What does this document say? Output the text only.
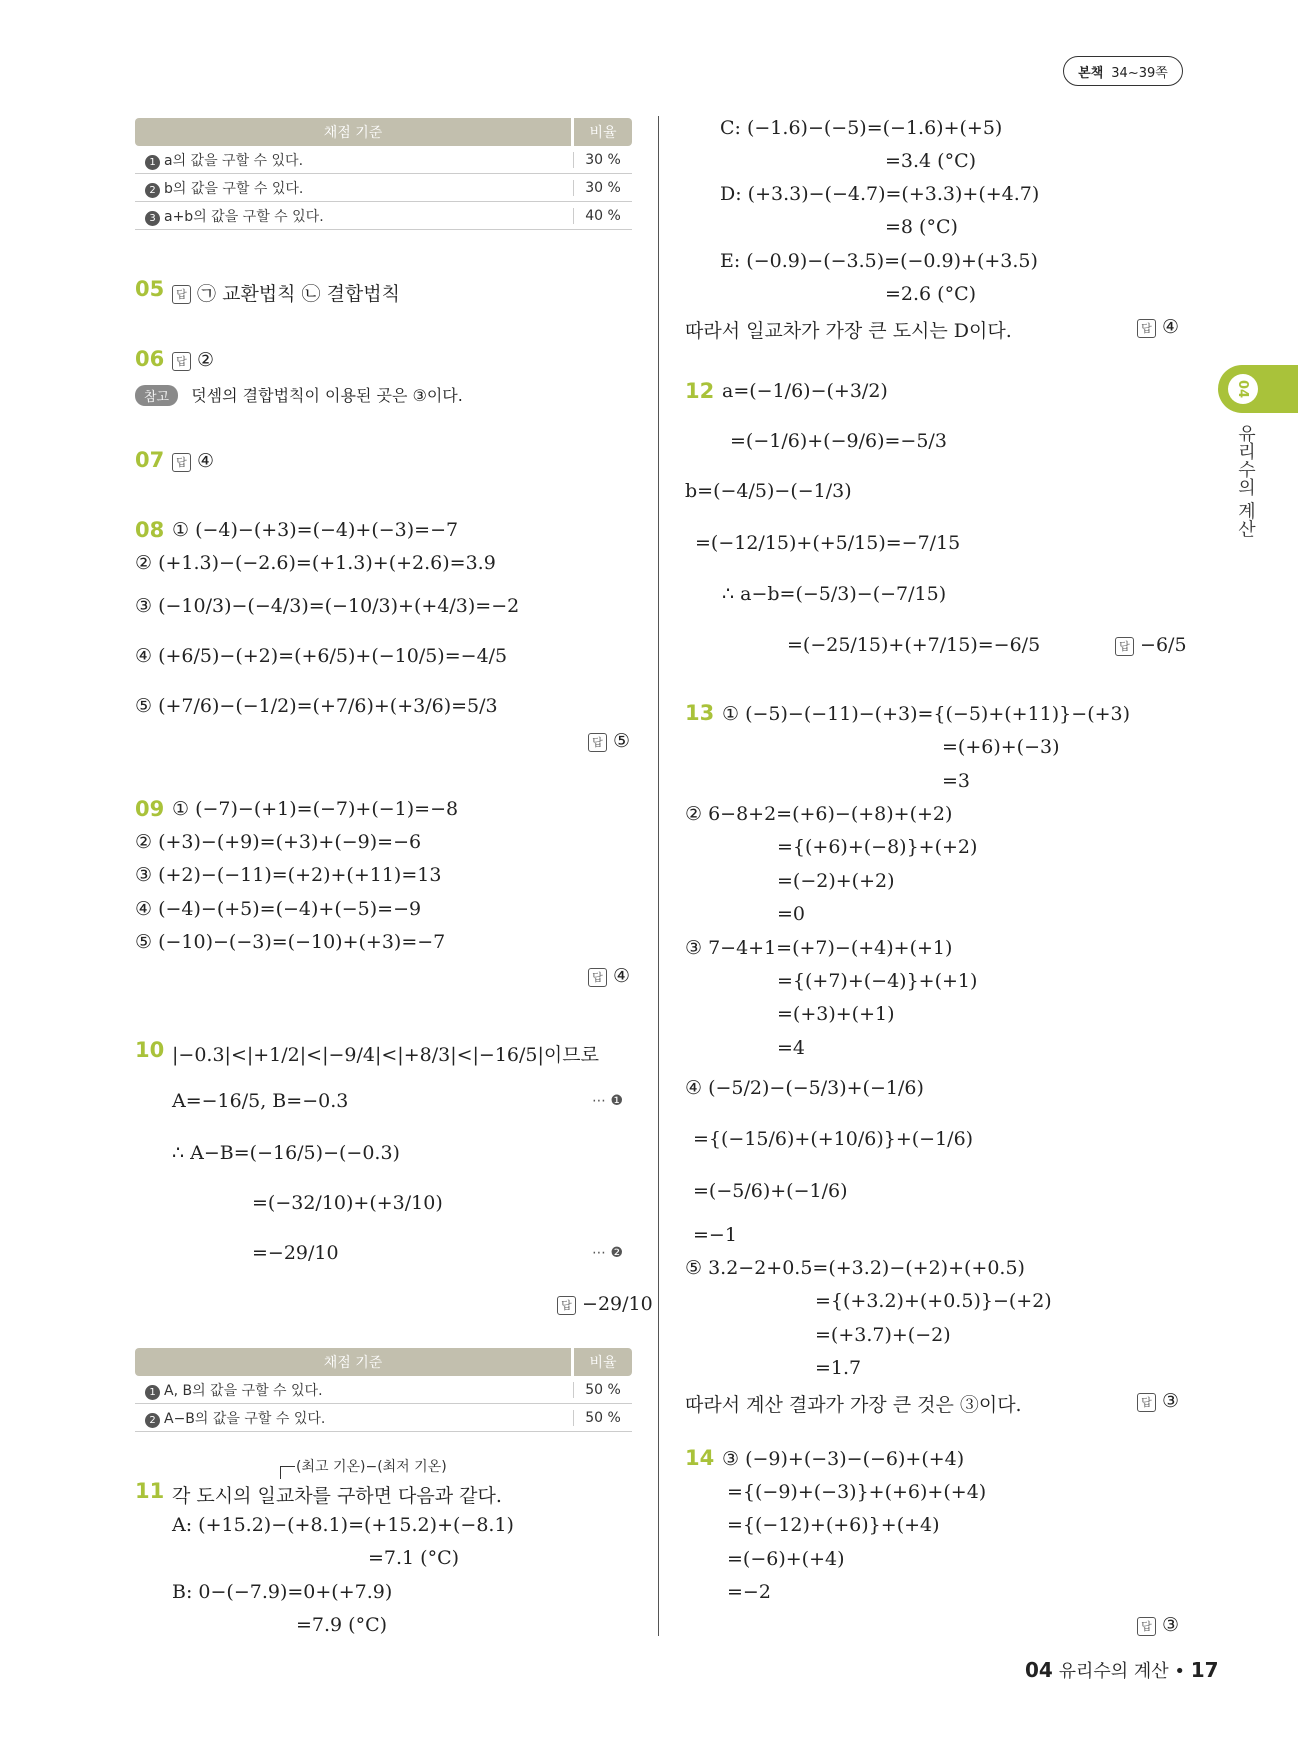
본책 34~39쪽
04
유리수의 계산
채점 기준	비율
1 a의 값을 구할 수 있다.	30 %
2 b의 값을 구할 수 있다.	30 %
3 a+b의 값을 구할 수 있다.	40 %
05	답 ㉠ 교환법칙 ㉡ 결합법칙
06	답 ②
참고 덧셈의 결합법칙이 이용된 곳은 ③이다.
07	답 ④
08 ① (−4)−(+3)=(−4)+(−3)=−7
② (+1.3)−(−2.6)=(+1.3)+(+2.6)=3.9
③ (−10/3)−(−4/3)=(−10/3)+(+4/3)=−2
④ (+6/5)−(+2)=(+6/5)+(−10/5)=−4/5
⑤ (+7/6)−(−1/2)=(+7/6)+(+3/6)=5/3
답 ⑤
09 ① (−7)−(+1)=(−7)+(−1)=−8
② (+3)−(+9)=(+3)+(−9)=−6
③ (+2)−(−11)=(+2)+(+11)=13
④ (−4)−(+5)=(−4)+(−5)=−9
⑤ (−10)−(−3)=(−10)+(+3)=−7
답 ④
10 |−0.3|<|+1/2|<|−9/4|<|+8/3|<|−16/5|이므로
A=−16/5, B=−0.3	⋯ ❶
∴ A−B=(−16/5)−(−0.3)
=(−32/10)+(+3/10)
=−29/10	⋯ ❷
답 −29/10
채점 기준	비율
1 A, B의 값을 구할 수 있다.	50 %
2 A−B의 값을 구할 수 있다.	50 %
(최고 기온)−(최저 기온)
11 각 도시의 일교차를 구하면 다음과 같다.
A: (+15.2)−(+8.1)=(+15.2)+(−8.1)
=7.1 (°C)
B: 0−(−7.9)=0+(+7.9)
=7.9 (°C)
C: (−1.6)−(−5)=(−1.6)+(+5)
=3.4 (°C)
D: (+3.3)−(−4.7)=(+3.3)+(+4.7)
=8 (°C)
E: (−0.9)−(−3.5)=(−0.9)+(+3.5)
=2.6 (°C)
따라서 일교차가 가장 큰 도시는 D이다.	답 ④
12 a=(−1/6)−(+3/2)
=(−1/6)+(−9/6)=−5/3
b=(−4/5)−(−1/3)
=(−12/15)+(+5/15)=−7/15
∴ a−b=(−5/3)−(−7/15)
=(−25/15)+(+7/15)=−6/5	답 −6/5
13 ① (−5)−(−11)−(+3)={(−5)+(+11)}−(+3)
=(+6)+(−3)
=3
② 6−8+2=(+6)−(+8)+(+2)
={(+6)+(−8)}+(+2)
=(−2)+(+2)
=0
③ 7−4+1=(+7)−(+4)+(+1)
={(+7)+(−4)}+(+1)
=(+3)+(+1)
=4
④ (−5/2)−(−5/3)+(−1/6)
={(−15/6)+(+10/6)}+(−1/6)
=(−5/6)+(−1/6)
=−1
⑤ 3.2−2+0.5=(+3.2)−(+2)+(+0.5)
={(+3.2)+(+0.5)}−(+2)
=(+3.7)+(−2)
=1.7
따라서 계산 결과가 가장 큰 것은 ③이다.	답 ③
14 ③ (−9)+(−3)−(−6)+(+4)
={(−9)+(−3)}+(+6)+(+4)
={(−12)+(+6)}+(+4)
=(−6)+(+4)
=−2
답 ③
04 유리수의 계산 • 17
